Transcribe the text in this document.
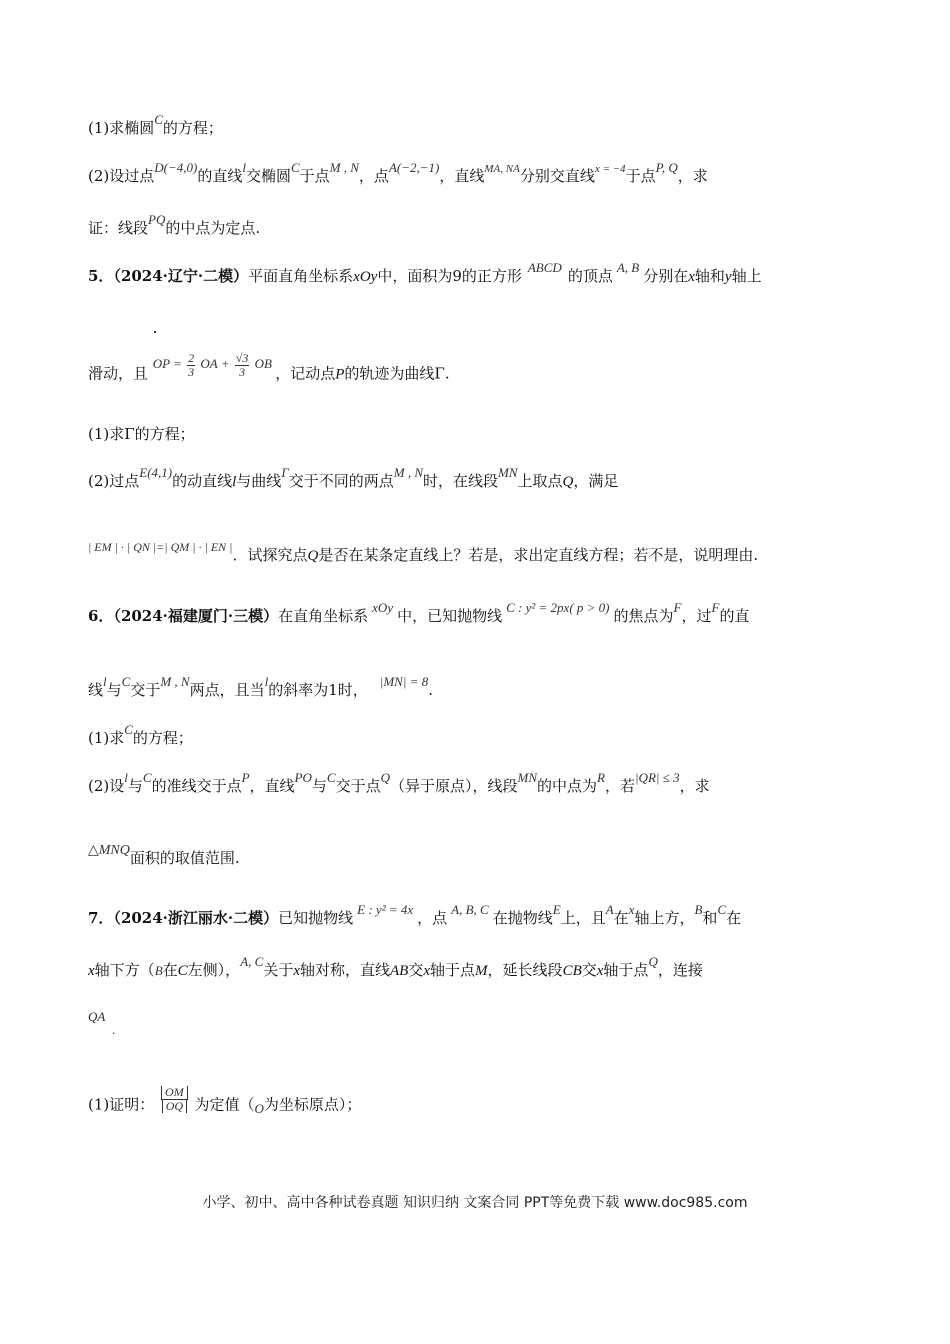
(1)求椭圆C的方程；
(2)设过点D(−4,0)的直线l交椭圆C于点M , N，点A(−2,−1)，直线$^{MA, NA}$分别交直线$^{x = -4}$于点P, Q，求
证：线段PQ的中点为定点.
5．（2024·辽宁·二模）平面直角坐标系xOy中，面积为9的正方形 ABCD 的顶点 A, B 分别在x轴和y轴上
滑动，且 OP = $\frac{2}{3}$ OA + $\frac{√3}{3}$ OB ，记动点P的轨迹为曲线Γ.
(1)求Γ的方程；
(2)过点E(4,1)的动直线l与曲线Γ交于不同的两点M , N时，在线段MN上取点Q，满足
$^{| EM | \cdot | QN |=| QM | \cdot | EN |}$．试探究点Q是否在某条定直线上？若是，求出定直线方程；若不是，说明理由.
6．（2024·福建厦门·三模）在直角坐标系 xOy 中，已知抛物线 C : y² = 2px( p > 0) 的焦点为F，过F的直
线l与C交于M , N两点，且当l的斜率为1时， |MN| = 8.
(1)求C的方程；
(2)设l与C的准线交于点P，直线PO与C交于点Q（异于原点），线段MN的中点为R，若|QR| ≤ 3，求
△MNQ面积的取值范围.
7．（2024·浙江丽水·二模）已知抛物线 E : y² = 4x ，点 A, B, C 在抛物线E上，且A在x轴上方，B和C在
x轴下方（B在C左侧），A, C关于x轴对称，直线AB交x轴于点M，延长线段CB交x轴于点Q，连接
QA
.
(1)证明： $\frac{OM}{OQ}$ 为定值（O为坐标原点）；
小学、初中、高中各种试卷真题 知识归纳 文案合同 PPT等免费下载 www.doc985.com
